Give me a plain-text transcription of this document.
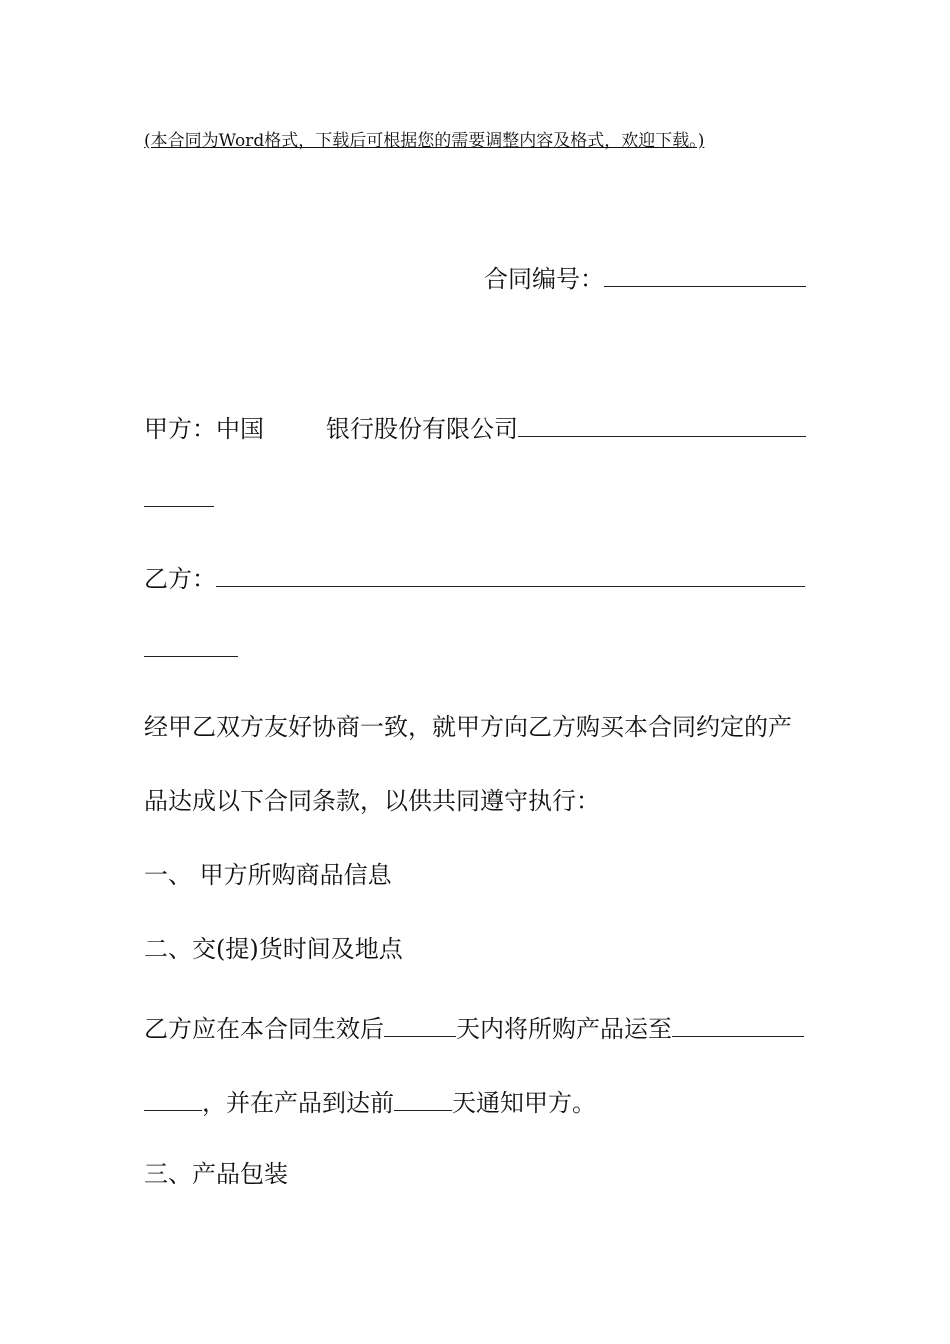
(本合同为Word格式，下载后可根据您的需要调整内容及格式，欢迎下载。)
合同编号：
甲方：中国	银行股份有限公司
乙方：
经甲乙双方友好协商一致，就甲方向乙方购买本合同约定的产
品达成以下合同条款，以供共同遵守执行：
一、 甲方所购商品信息
二、交(提)货时间及地点
乙方应在本合同生效后	天内将所购产品运至
，并在产品到达前 天通知甲方。
三、产品包装
